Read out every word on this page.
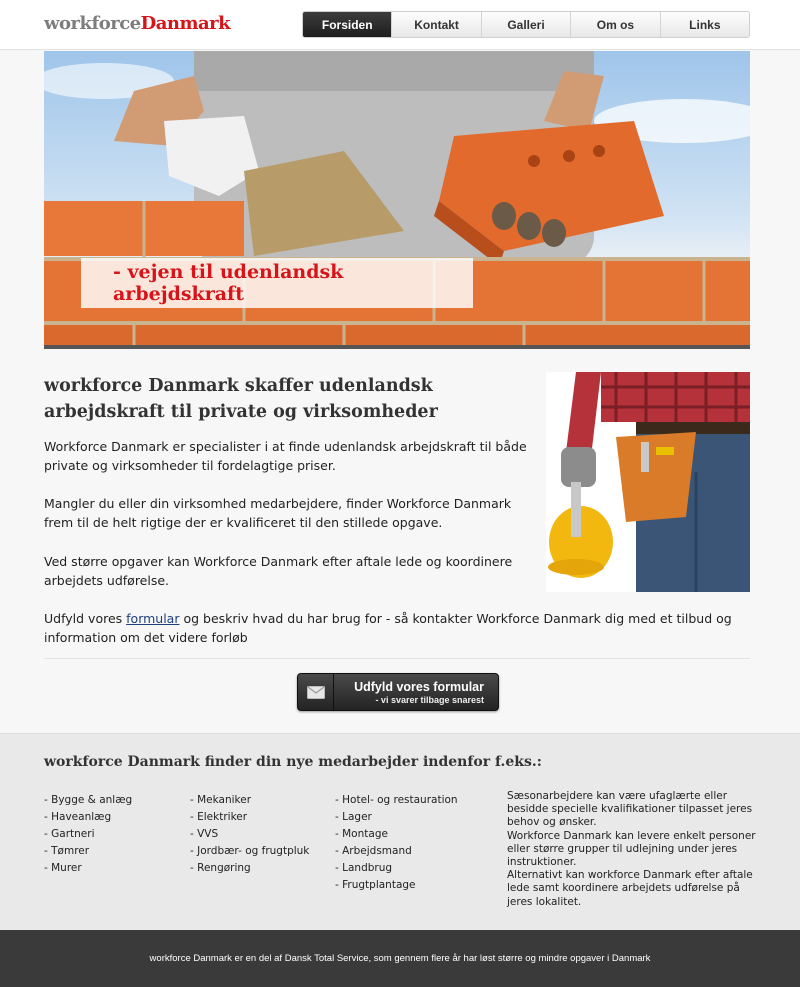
workforceDanmark	Forsiden	Kontakt	Galleri	Om os	Links
- vejen til udenlandsk arbejdskraft
workforce Danmark skaffer udenlandsk arbejdskraft til private og virksomheder

Workforce Danmark er specialister i at finde udenlandsk arbejdskraft til både private og virksomheder til fordelagtige priser.

Mangler du eller din virksomhed medarbejdere, finder Workforce Danmark frem til de helt rigtige der er kvalificeret til den stillede opgave.

Ved større opgaver kan Workforce Danmark efter aftale lede og koordinere arbejdets udførelse.

Udfyld vores formular og beskriv hvad du har brug for - så kontakter Workforce Danmark dig med et tilbud og information om det videre forløb

Udfyld vores formular
- vi svarer tilbage snarest
workforce Danmark finder din nye medarbejder indenfor f.eks.:
- Bygge & anlæg
- Haveanlæg
- Gartneri
- Tømrer
- Murer
- Mekaniker
- Elektriker
- VVS
- Jordbær- og frugtpluk
- Rengøring
- Hotel- og restauration
- Lager
- Montage
- Arbejdsmand
- Landbrug
- Frugtplantage

Sæsonarbejdere kan være ufaglærte eller besidde specielle kvalifikationer tilpasset jeres behov og ønsker.

Workforce Danmark kan levere enkelt personer eller større grupper til udlejning under jeres instruktioner.

Alternativt kan workforce Danmark efter aftale lede samt koordinere arbejdets udførelse på jeres lokalitet.

workforce Danmark er en del af Dansk Total Service, som gennem flere år har løst større og mindre opgaver i Danmark
